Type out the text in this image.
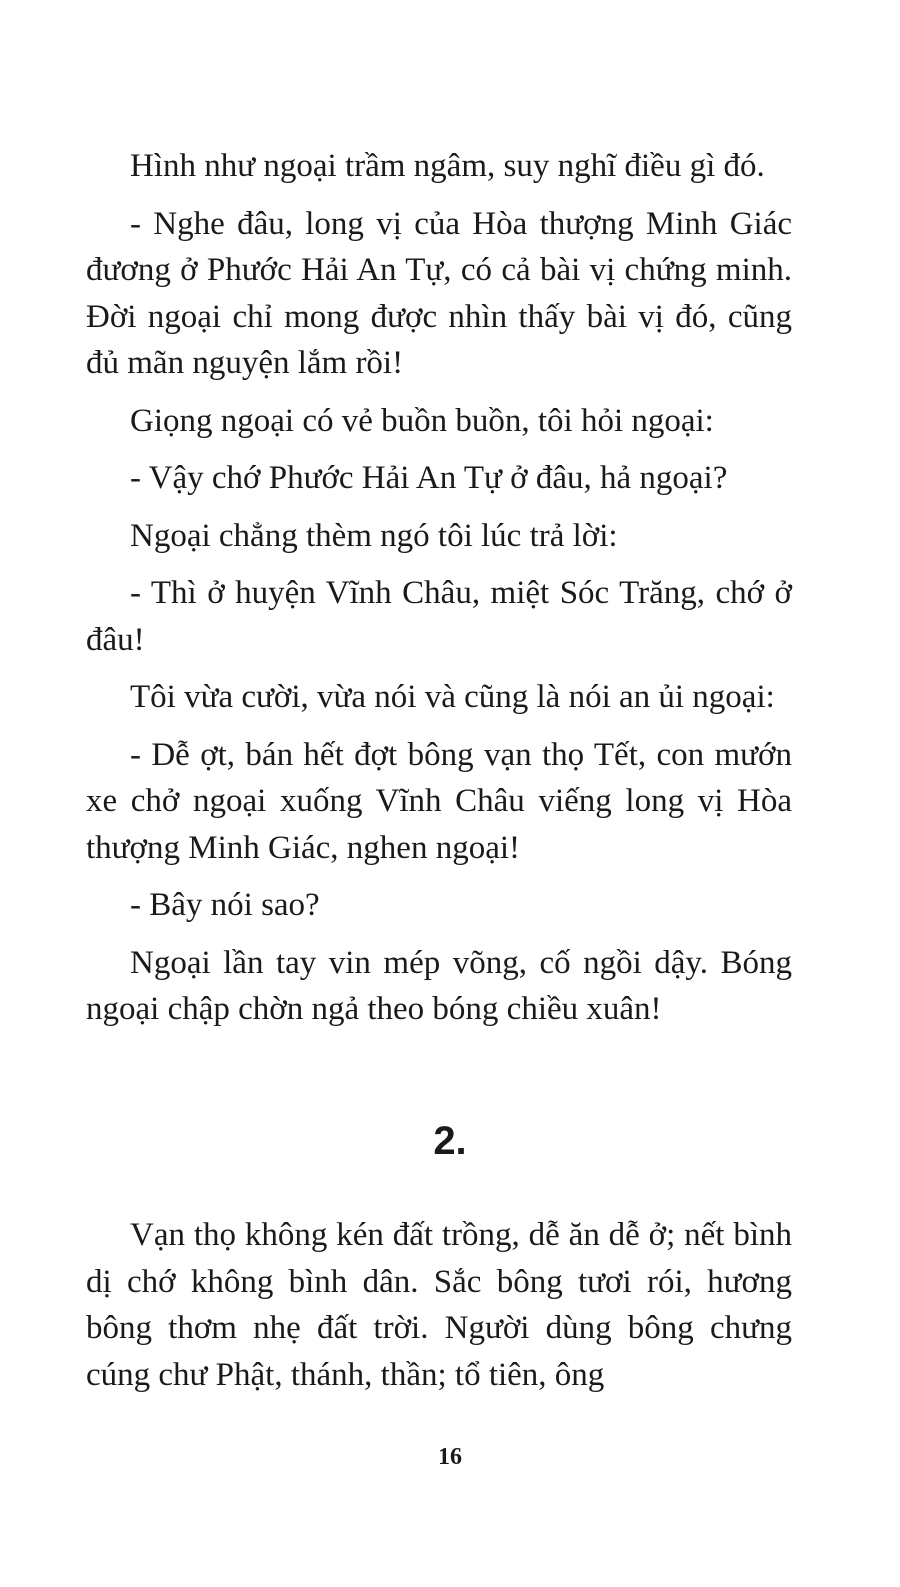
Hình như ngoại trầm ngâm, suy nghĩ điều gì đó.

- Nghe đâu, long vị của Hòa thượng Minh Giác đương ở Phước Hải An Tự, có cả bài vị chứng minh. Đời ngoại chỉ mong được nhìn thấy bài vị đó, cũng đủ mãn nguyện lắm rồi!

Giọng ngoại có vẻ buồn buồn, tôi hỏi ngoại:

- Vậy chớ Phước Hải An Tự ở đâu, hả ngoại?

Ngoại chẳng thèm ngó tôi lúc trả lời:

- Thì ở huyện Vĩnh Châu, miệt Sóc Trăng, chớ ở đâu!

Tôi vừa cười, vừa nói và cũng là nói an ủi ngoại:

- Dễ ợt, bán hết đợt bông vạn thọ Tết, con mướn xe chở ngoại xuống Vĩnh Châu viếng long vị Hòa thượng Minh Giác, nghen ngoại!

- Bây nói sao?

Ngoại lần tay vin mép võng, cố ngồi dậy. Bóng ngoại chập chờn ngả theo bóng chiều xuân!

2.

Vạn thọ không kén đất trồng, dễ ăn dễ ở; nết bình dị chớ không bình dân. Sắc bông tươi rói, hương bông thơm nhẹ đất trời. Người dùng bông chưng cúng chư Phật, thánh, thần; tổ tiên, ông

16
